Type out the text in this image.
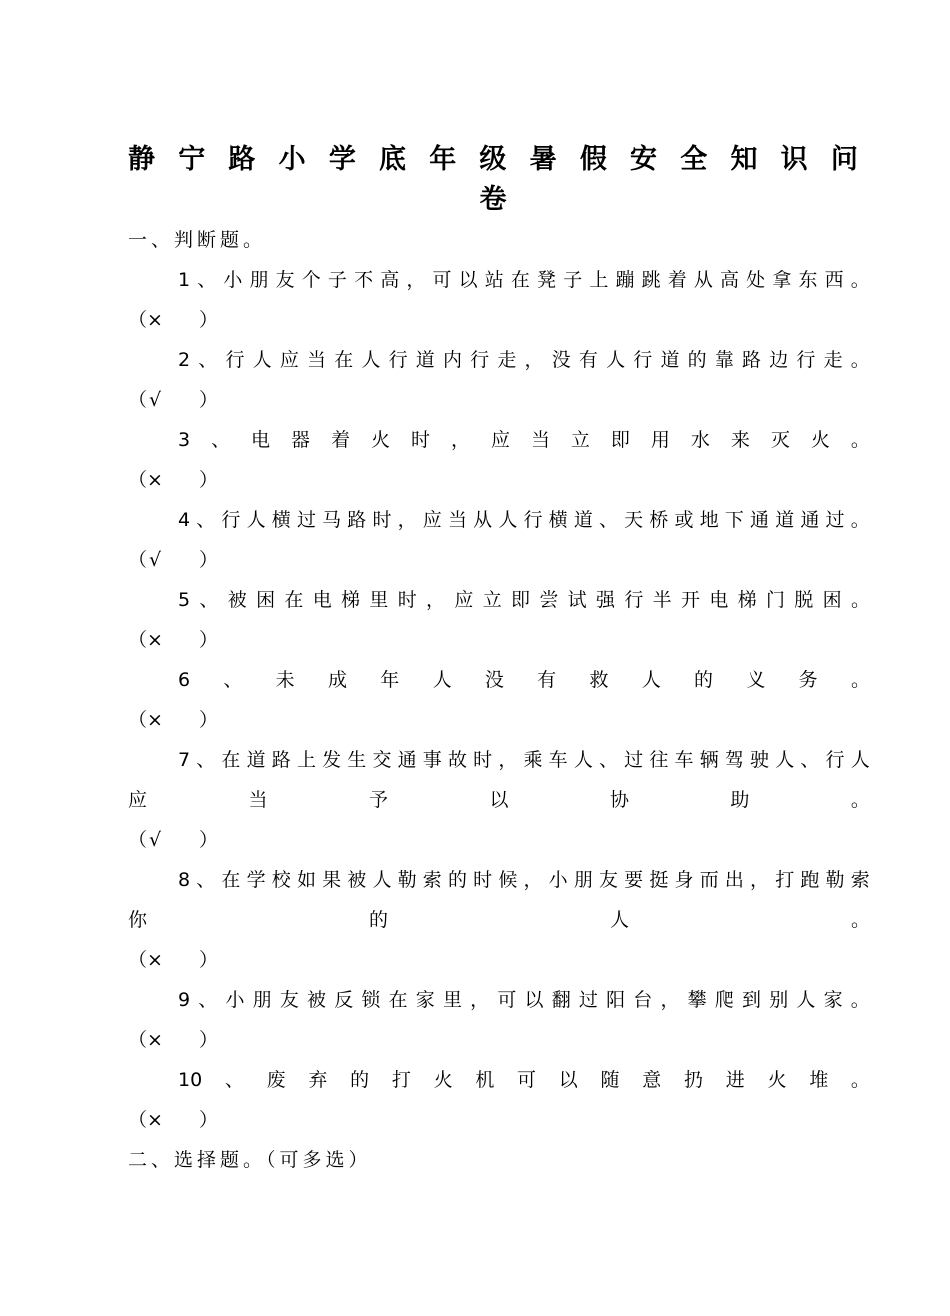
静 宁 路 小 学 底 年 级 暑 假 安 全 知 识 问
卷
一、判断题。
1 、 小 朋 友 个 子 不 高 ， 可 以 站 在 凳 子 上 蹦 跳 着 从 高 处 拿 东 西 。
（ × ）
2 、 行 人 应 当 在 人 行 道 内 行 走 ， 没 有 人 行 道 的 靠 路 边 行 走 。
（ √ ）
3 、 电 器 着 火 时 ， 应 当 立 即 用 水 来 灭 火 。
（ × ）
4 、 行 人 横 过 马 路 时 ， 应 当 从 人 行 横 道 、 天 桥 或 地 下 通 道 通 过 。
（ √ ）
5 、 被 困 在 电 梯 里 时 ， 应 立 即 尝 试 强 行 半 开 电 梯 门 脱 困 。
（ × ）
6 、 未 成 年 人 没 有 救 人 的 义 务 。
（ × ）
7 、 在 道 路 上 发 生 交 通 事 故 时 ， 乘 车 人 、 过 往 车 辆 驾 驶 人 、 行 人
应	当	予	以	协	助	。
（ √ ）
8 、 在 学 校 如 果 被 人 勒 索 的 时 候 ， 小 朋 友 要 挺 身 而 出 ， 打 跑 勒 索
你	的	人	。
（ × ）
9 、 小 朋 友 被 反 锁 在 家 里 ， 可 以 翻 过 阳 台 ， 攀 爬 到 别 人 家 。
（ × ）
10 、 废 弃 的 打 火 机 可 以 随 意 扔 进 火 堆 。
（ × ）
二、选择题。（可多选）
